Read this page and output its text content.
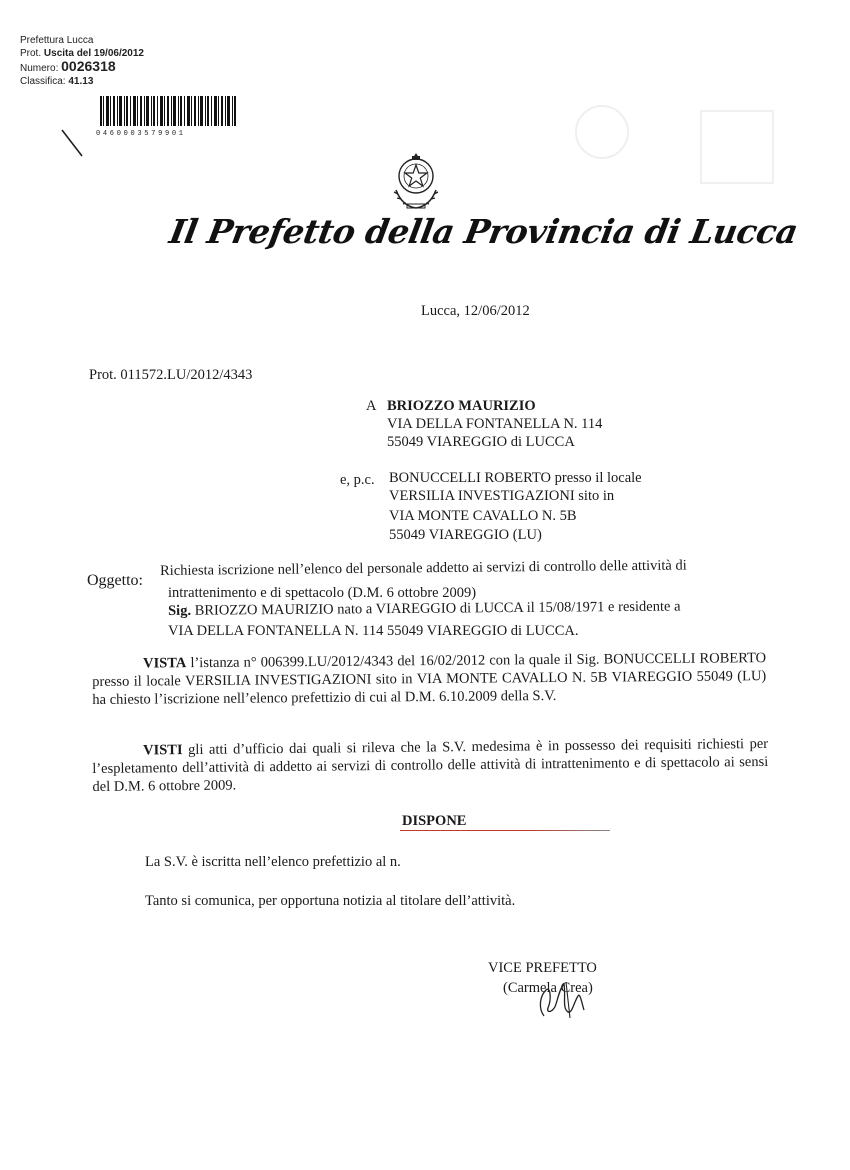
Prefettura Lucca
Prot. Uscita del 19/06/2012
Numero: 0026318
Classifica: 41.13
0460003579901
Il Prefetto della Provincia di Lucca
Lucca, 12/06/2012
Prot. 011572.LU/2012/4343
A BRIOZZO MAURIZIO
VIA DELLA FONTANELLA N. 114
55049 VIAREGGIO di LUCCA
e, p.c. BONUCCELLI ROBERTO presso il locale
VERSILIA INVESTIGAZIONI sito in
VIA MONTE CAVALLO N. 5B
55049 VIAREGGIO (LU)
Oggetto:
Richiesta iscrizione nell’elenco del personale addetto ai servizi di controllo delle attività di
intrattenimento e di spettacolo (D.M. 6 ottobre 2009)
Sig. BRIOZZO MAURIZIO nato a VIAREGGIO di LUCCA il 15/08/1971 e residente a
VIA DELLA FONTANELLA N. 114 55049 VIAREGGIO di LUCCA.
VISTA l’istanza n° 006399.LU/2012/4343 del 16/02/2012 con la quale il Sig. BONUCCELLI ROBERTO presso il locale VERSILIA INVESTIGAZIONI sito in VIA MONTE CAVALLO N. 5B VIAREGGIO 55049 (LU) ha chiesto l’iscrizione nell’elenco prefettizio di cui al D.M. 6.10.2009 della S.V.
VISTI gli atti d’ufficio dai quali si rileva che la S.V. medesima è in possesso dei requisiti richiesti per l’espletamento dell’attività di addetto ai servizi di controllo delle attività di intrattenimento e di spettacolo ai sensi del D.M. 6 ottobre 2009.
DISPONE
La S.V. è iscritta nell’elenco prefettizio al n.
Tanto si comunica, per opportuna notizia al titolare dell’attività.
VICE PREFETTO
(Carmela Crea)
